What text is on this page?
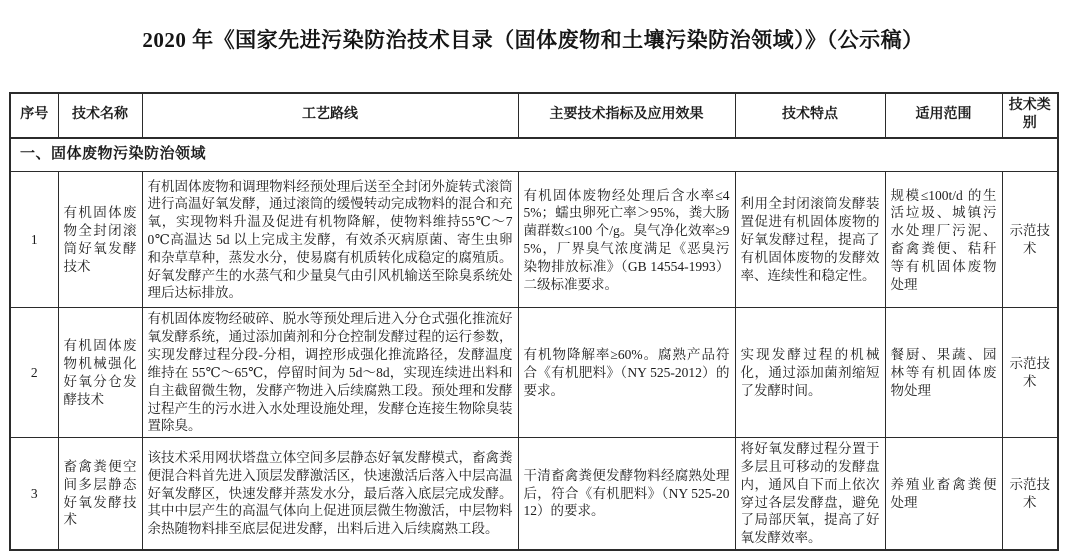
2020 年《国家先进污染防治技术目录（固体废物和土壤污染防治领域）》（公示稿）
序号	技术名称	工艺路线	主要技术指标及应用效果	技术特点	适用范围	技术类别
一、固体废物污染防治领域						
1	有机固体废物全封闭滚筒好氧发酵技术	有机固体废物和调理物料经预处理后送至全封闭外旋转式滚筒进行高温好氧发酵，通过滚筒的缓慢转动完成物料的混合和充氧，实现物料升温及促进有机物降解，使物料维持55℃～70℃高温达 5d 以上完成主发酵，有效杀灭病原菌、寄生虫卵和杂草草种，蒸发水分，使易腐有机质转化成稳定的腐殖质。好氧发酵产生的水蒸气和少量臭气由引风机输送至除臭系统处理后达标排放。	有机固体废物经处理后含水率≤45%；蠕虫卵死亡率＞95%，粪大肠菌群数≤100 个/g。臭气净化效率≥95%，厂界臭气浓度满足《恶臭污染物排放标准》（GB 14554-1993）二级标准要求。	利用全封闭滚筒发酵装置促进有机固体废物的好氧发酵过程，提高了有机固体废物的发酵效率、连续性和稳定性。	规模≤100t/d 的生活垃圾、城镇污水处理厂污泥、畜禽粪便、秸秆等有机固体废物处理	示范技术
2	有机固体废物机械强化好氧分仓发酵技术	有机固体废物经破碎、脱水等预处理后进入分仓式强化推流好氧发酵系统，通过添加菌剂和分仓控制发酵过程的运行参数，实现发酵过程分段-分相，调控形成强化推流路径，发酵温度维持在 55℃～65℃，停留时间为 5d～8d，实现连续进出料和自主截留微生物，发酵产物进入后续腐熟工段。预处理和发酵过程产生的污水进入水处理设施处理，发酵仓连接生物除臭装置除臭。	有机物降解率≥60%。腐熟产品符合《有机肥料》（NY 525-2012）的要求。	实现发酵过程的机械化，通过添加菌剂缩短了发酵时间。	餐厨、果蔬、园林等有机固体废物处理	示范技术
3	畜禽粪便空间多层静态好氧发酵技术	该技术采用网状塔盘立体空间多层静态好氧发酵模式，畜禽粪便混合料首先进入顶层发酵激活区，快速激活后落入中层高温好氧发酵区，快速发酵并蒸发水分，最后落入底层完成发酵。其中中层产生的高温气体向上促进顶层微生物激活，中层物料余热随物料排至底层促进发酵，出料后进入后续腐熟工段。	干清畜禽粪便发酵物料经腐熟处理后，符合《有机肥料》（NY 525-2012）的要求。	将好氧发酵过程分置于多层且可移动的发酵盘内，通风自下而上依次穿过各层发酵盘，避免了局部厌氧，提高了好氧发酵效率。	养殖业畜禽粪便处理	示范技术
